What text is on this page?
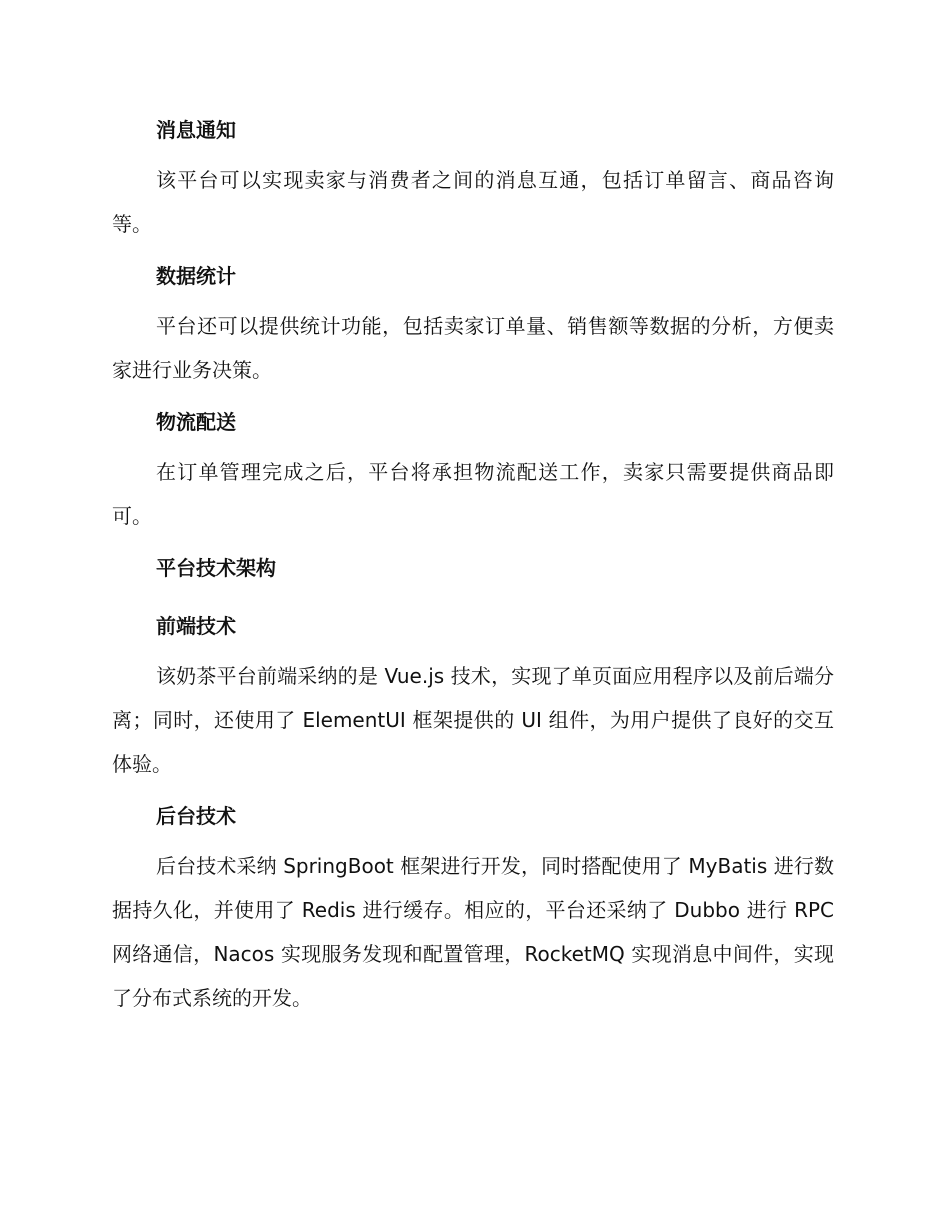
消息通知

该平台可以实现卖家与消费者之间的消息互通，包括订单留言、商品咨询等。

数据统计

平台还可以提供统计功能，包括卖家订单量、销售额等数据的分析，方便卖家进行业务决策。

物流配送

在订单管理完成之后，平台将承担物流配送工作，卖家只需要提供商品即可。

平台技术架构
前端技术

该奶茶平台前端采纳的是 Vue.js 技术，实现了单页面应用程序以及前后端分离；同时，还使用了 ElementUI 框架提供的 UI 组件，为用户提供了良好的交互体验。

后台技术

后台技术采纳 SpringBoot 框架进行开发，同时搭配使用了 MyBatis 进行数据持久化，并使用了 Redis 进行缓存。相应的，平台还采纳了 Dubbo 进行 RPC 网络通信，Nacos 实现服务发现和配置管理，RocketMQ 实现消息中间件，实现了分布式系统的开发。
